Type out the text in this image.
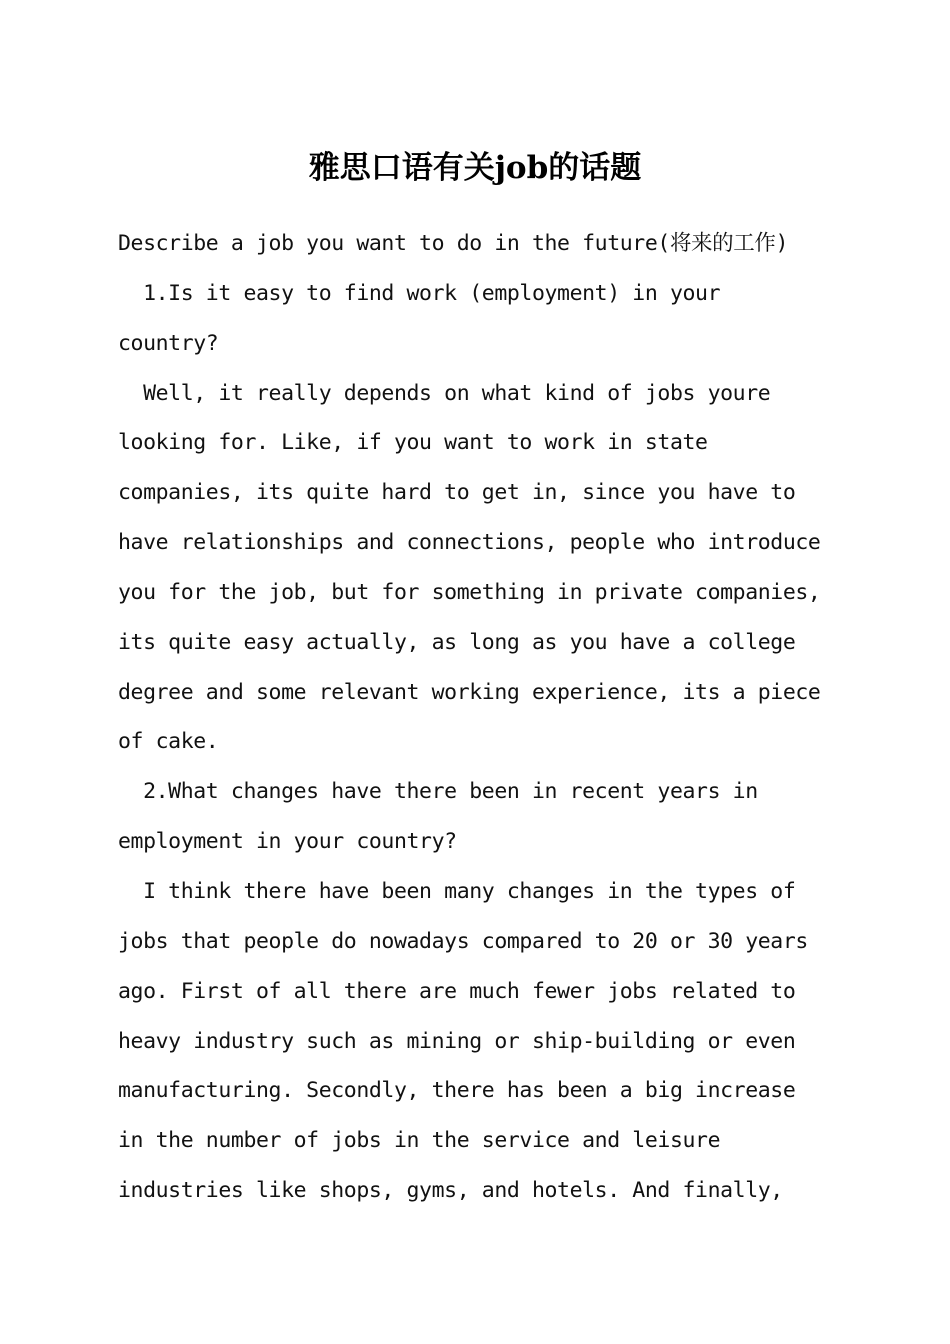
雅思口语有关job的话题
Describe a job you want to do in the future(将来的工作)
1.Is it easy to find work (employment) in your
country?
Well, it really depends on what kind of jobs youre
looking for. Like, if you want to work in state
companies, its quite hard to get in, since you have to
have relationships and connections, people who introduce
you for the job, but for something in private companies,
its quite easy actually, as long as you have a college
degree and some relevant working experience, its a piece
of cake.
2.What changes have there been in recent years in
employment in your country?
I think there have been many changes in the types of
jobs that people do nowadays compared to 20 or 30 years
ago. First of all there are much fewer jobs related to
heavy industry such as mining or ship-building or even
manufacturing. Secondly, there has been a big increase
in the number of jobs in the service and leisure
industries like shops, gyms, and hotels. And finally,
